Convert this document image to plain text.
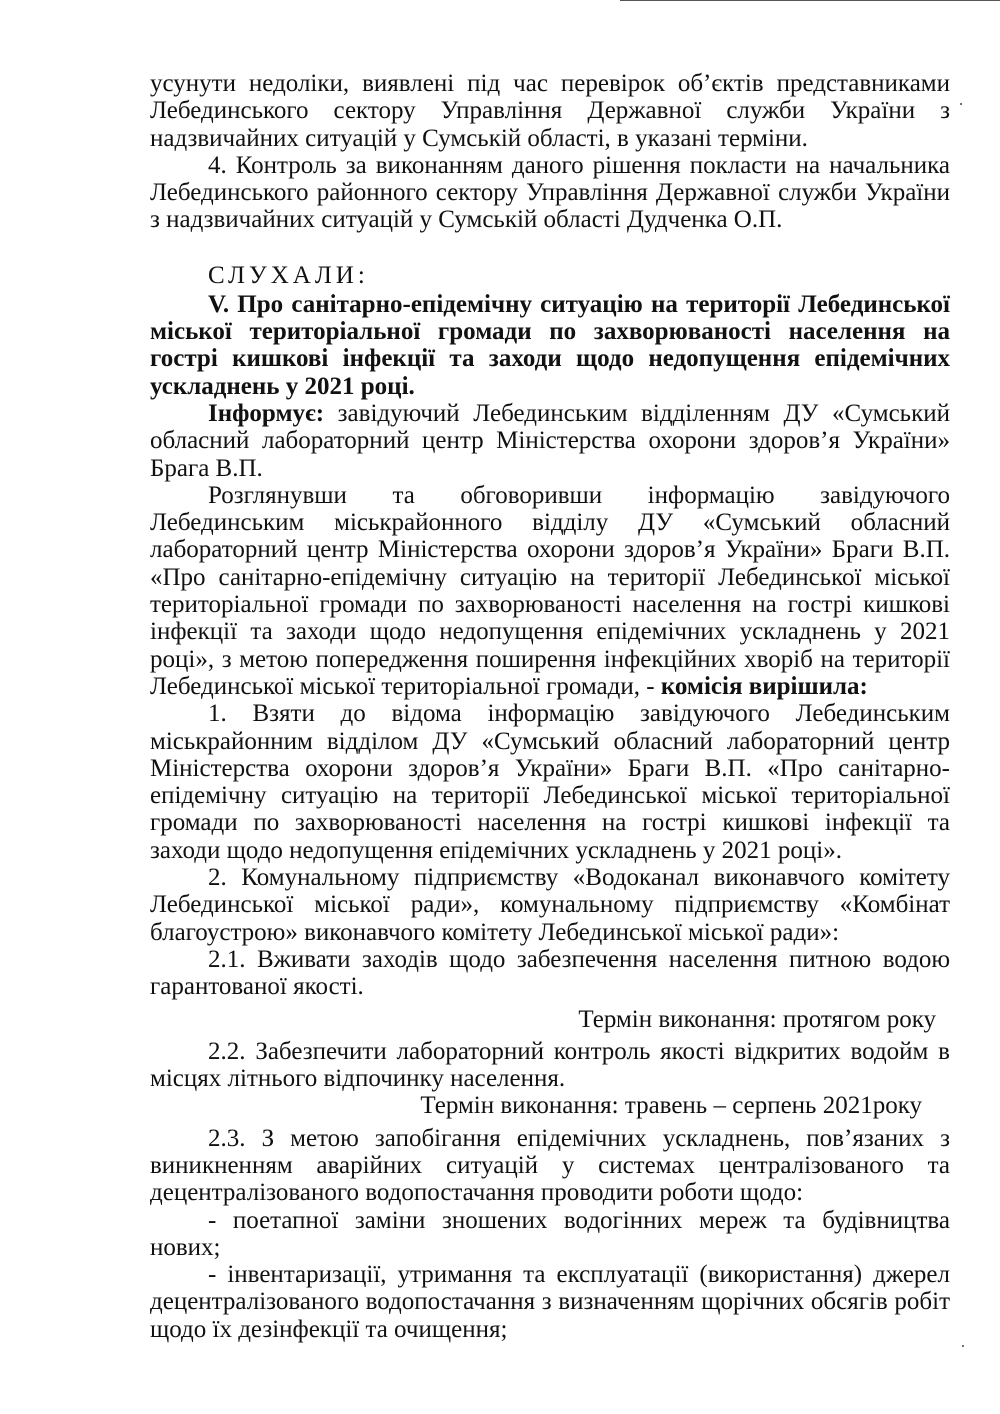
усунути недоліки, виявлені під час перевірок об’єктів представниками Лебединського сектору Управління Державної служби України з надзвичайних ситуацій у Сумській області, в указані терміни.

4. Контроль за виконанням даного рішення покласти на начальника Лебединського районного сектору Управління Державної служби України з надзвичайних ситуацій у Сумській області Дудченка О.П.

СЛУХАЛИ:

V. Про санітарно-епідемічну ситуацію на території Лебединської міської територіальної громади по захворюваності населення на гострі кишкові інфекції та заходи щодо недопущення епідемічних ускладнень у 2021 році.

Інформує: завідуючий Лебединським відділенням ДУ «Сумський обласний лабораторний центр Міністерства охорони здоров’я України» Брага В.П.

Розглянувши та обговоривши інформацію завідуючого Лебединським міськрайонного відділу ДУ «Сумський обласний лабораторний центр Міністерства охорони здоров’я України» Браги В.П. «Про санітарно-епідемічну ситуацію на території Лебединської міської територіальної громади по захворюваності населення на гострі кишкові інфекції та заходи щодо недопущення епідемічних ускладнень у 2021 році», з метою попередження поширення інфекційних хворіб на території Лебединської міської територіальної громади, - комісія вирішила:

1. Взяти до відома інформацію завідуючого Лебединським міськрайонним відділом ДУ «Сумський обласний лабораторний центр Міністерства охорони здоров’я України» Браги В.П. «Про санітарно-епідемічну ситуацію на території Лебединської міської територіальної громади по захворюваності населення на гострі кишкові інфекції та заходи щодо недопущення епідемічних ускладнень у 2021 році».

2. Комунальному підприємству «Водоканал виконавчого комітету Лебединської міської ради», комунальному підприємству «Комбінат благоустрою» виконавчого комітету Лебединської міської ради»:

2.1. Вживати заходів щодо забезпечення населення питною водою гарантованої якості.

Термін виконання: протягом року

2.2. Забезпечити лабораторний контроль якості відкритих водойм в місцях літнього відпочинку населення.

Термін виконання: травень – серпень 2021року

2.3. З метою запобігання епідемічних ускладнень, пов’язаних з виникненням аварійних ситуацій у системах централізованого та децентралізованого водопостачання проводити роботи щодо:

- поетапної заміни зношених водогінних мереж та будівництва нових;

- інвентаризації, утримання та експлуатації (використання) джерел децентралізованого водопостачання з визначенням щорічних обсягів робіт щодо їх дезінфекції та очищення;
